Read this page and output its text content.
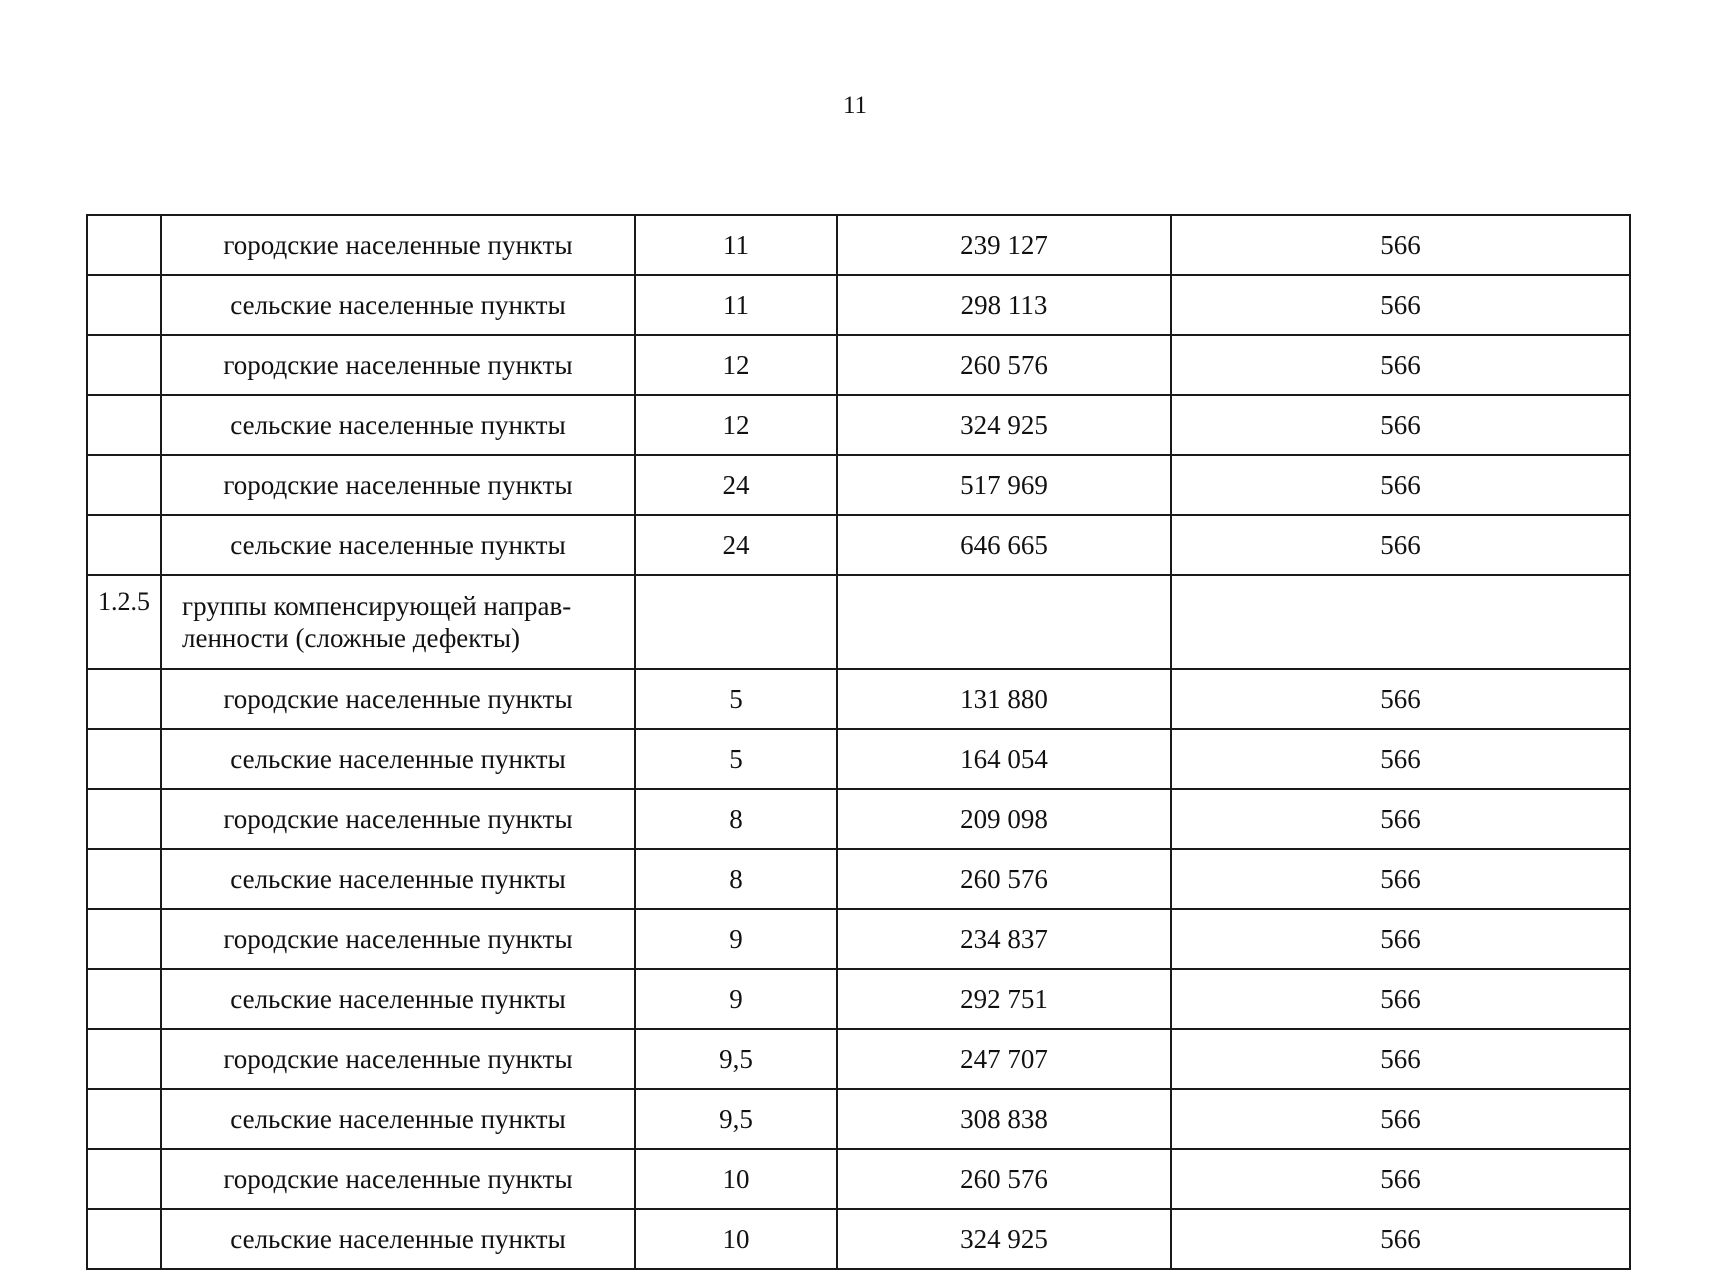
11
	городские населенные пункты	11	239 127	566
	сельские населенные пункты	11	298 113	566
	городские населенные пункты	12	260 576	566
	сельские населенные пункты	12	324 925	566
	городские населенные пункты	24	517 969	566
	сельские населенные пункты	24	646 665	566
1.2.5	группы компенсирующей направ-
ленности (сложные дефекты)			
	городские населенные пункты	5	131 880	566
	сельские населенные пункты	5	164 054	566
	городские населенные пункты	8	209 098	566
	сельские населенные пункты	8	260 576	566
	городские населенные пункты	9	234 837	566
	сельские населенные пункты	9	292 751	566
	городские населенные пункты	9,5	247 707	566
	сельские населенные пункты	9,5	308 838	566
	городские населенные пункты	10	260 576	566
	сельские населенные пункты	10	324 925	566
